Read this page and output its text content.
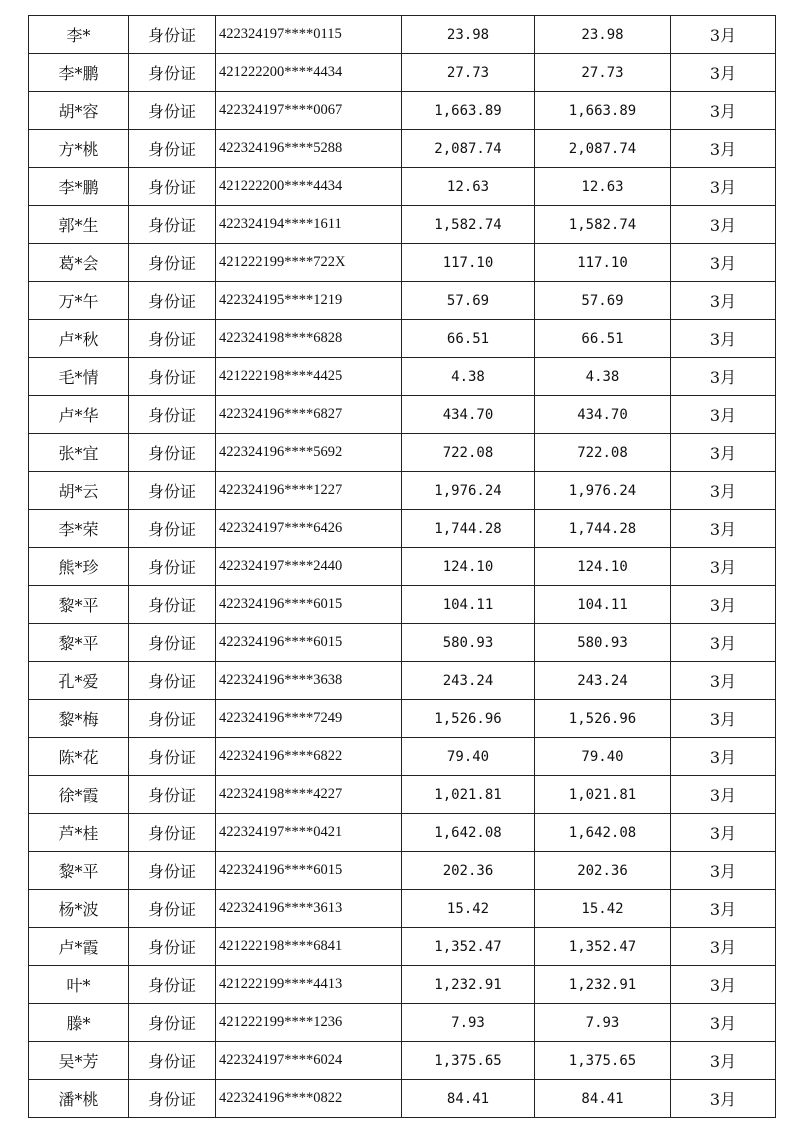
李*	身份证	422324197****0115	23.98	23.98	3月
李*鹏	身份证	421222200****4434	27.73	27.73	3月
胡*容	身份证	422324197****0067	1,663.89	1,663.89	3月
方*桃	身份证	422324196****5288	2,087.74	2,087.74	3月
李*鹏	身份证	421222200****4434	12.63	12.63	3月
郭*生	身份证	422324194****1611	1,582.74	1,582.74	3月
葛*会	身份证	421222199****722X	117.10	117.10	3月
万*午	身份证	422324195****1219	57.69	57.69	3月
卢*秋	身份证	422324198****6828	66.51	66.51	3月
毛*情	身份证	421222198****4425	4.38	4.38	3月
卢*华	身份证	422324196****6827	434.70	434.70	3月
张*宜	身份证	422324196****5692	722.08	722.08	3月
胡*云	身份证	422324196****1227	1,976.24	1,976.24	3月
李*荣	身份证	422324197****6426	1,744.28	1,744.28	3月
熊*珍	身份证	422324197****2440	124.10	124.10	3月
黎*平	身份证	422324196****6015	104.11	104.11	3月
黎*平	身份证	422324196****6015	580.93	580.93	3月
孔*爱	身份证	422324196****3638	243.24	243.24	3月
黎*梅	身份证	422324196****7249	1,526.96	1,526.96	3月
陈*花	身份证	422324196****6822	79.40	79.40	3月
徐*霞	身份证	422324198****4227	1,021.81	1,021.81	3月
芦*桂	身份证	422324197****0421	1,642.08	1,642.08	3月
黎*平	身份证	422324196****6015	202.36	202.36	3月
杨*波	身份证	422324196****3613	15.42	15.42	3月
卢*霞	身份证	421222198****6841	1,352.47	1,352.47	3月
叶*	身份证	421222199****4413	1,232.91	1,232.91	3月
滕*	身份证	421222199****1236	7.93	7.93	3月
吴*芳	身份证	422324197****6024	1,375.65	1,375.65	3月
潘*桃	身份证	422324196****0822	84.41	84.41	3月
